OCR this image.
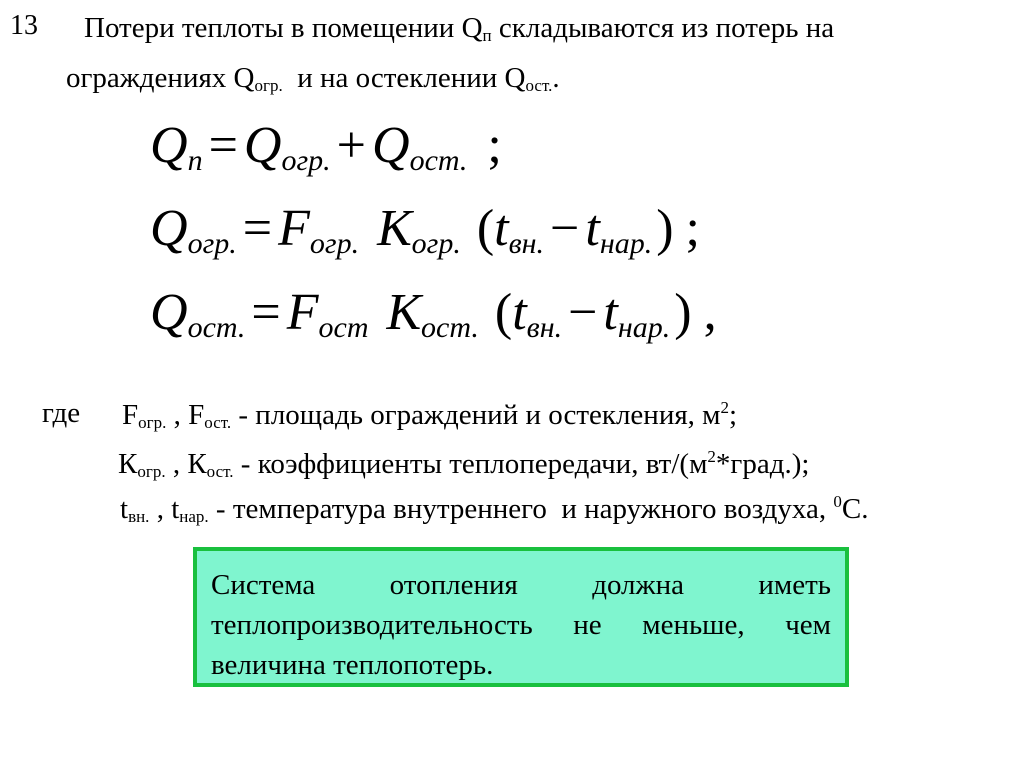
13 Потери теплоты в помещении $Q_п$ складываются из потерь на
ограждениях $Q_{огр.}$  и на остеклении $Q_{ост.}$.
Qп = Qогр. + Qост. ;
Qогр. = Fогр. Когр. (tвн. − tнар.) ;
Qост. = Fост Кост. (tвн. − tнар.) ,
где $F_{огр.}$ , $F_{ост.}$ - площадь ограждений и остекления, $м^2$;
$К_{огр.}$ , $К_{ост.}$ - коэффициенты теплопередачи, $вт/(м^2*град.)$;
$t_{вн.}$ , $t_{нар.}$ - температура внутреннего  и наружного воздуха, $^0$С.
Система	отопления	должна	иметь
теплопроизводительность не меньше, чем
величина теплопотерь.
